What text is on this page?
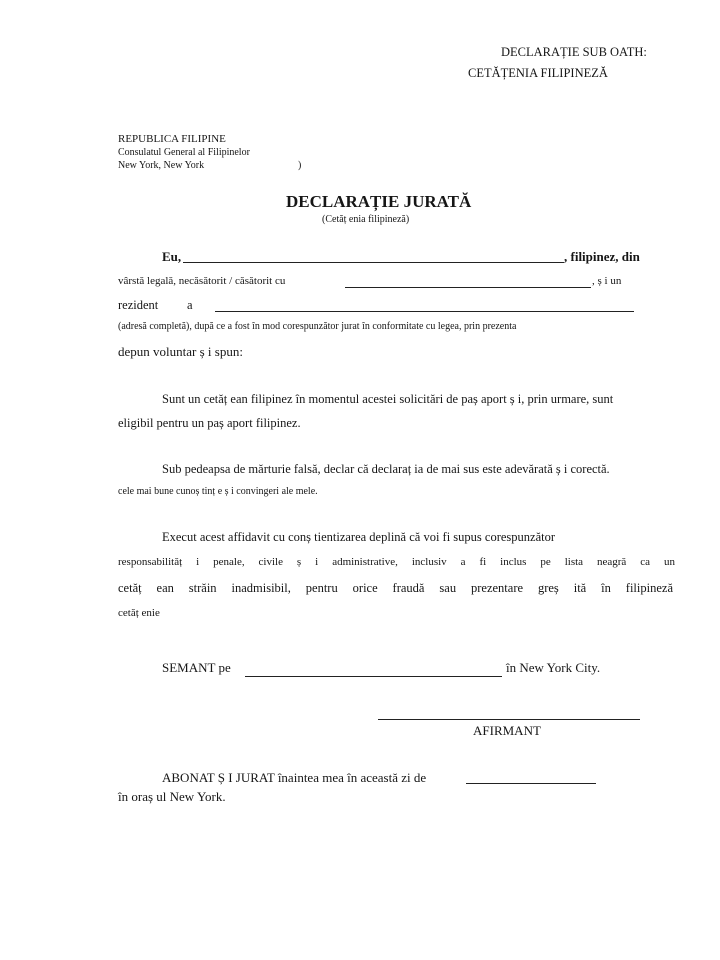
DECLARAȚIE SUB OATH:
CETĂȚENIA FILIPINEZĂ
REPUBLICA FILIPINE
Consulatul General al Filipinelor
New York, New York	)
DECLARAȚIE JURATĂ
(Cetăț enia filipineză)
Eu,	, filipinez, din
vârstă legală, necăsătorit / căsătorit cu	, ș i un
rezident a
(adresă completă), după ce a fost în mod corespunzător jurat în conformitate cu legea, prin prezenta
depun voluntar ș i spun:
Sunt un cetăț ean filipinez în momentul acestei solicitări de paș aport ș i, prin urmare, sunt
eligibil pentru un paș aport filipinez.
Sub pedeapsa de mărturie falsă, declar că declaraț ia de mai sus este adevărată ș i corectă.
cele mai bune cunoș tinț e ș i convingeri ale mele.
Execut acest affidavit cu conș tientizarea deplină că voi fi supus corespunzător
responsabilităț i penale, civile ș i administrative, inclusiv a fi inclus pe lista neagră ca un
cetăț ean străin inadmisibil, pentru orice fraudă sau prezentare greș ită în filipineză
cetăț enie
SEMANT pe	în New York City.
AFIRMANT
ABONAT Ș I JURAT înaintea mea în această zi de
în oraș ul New York.
